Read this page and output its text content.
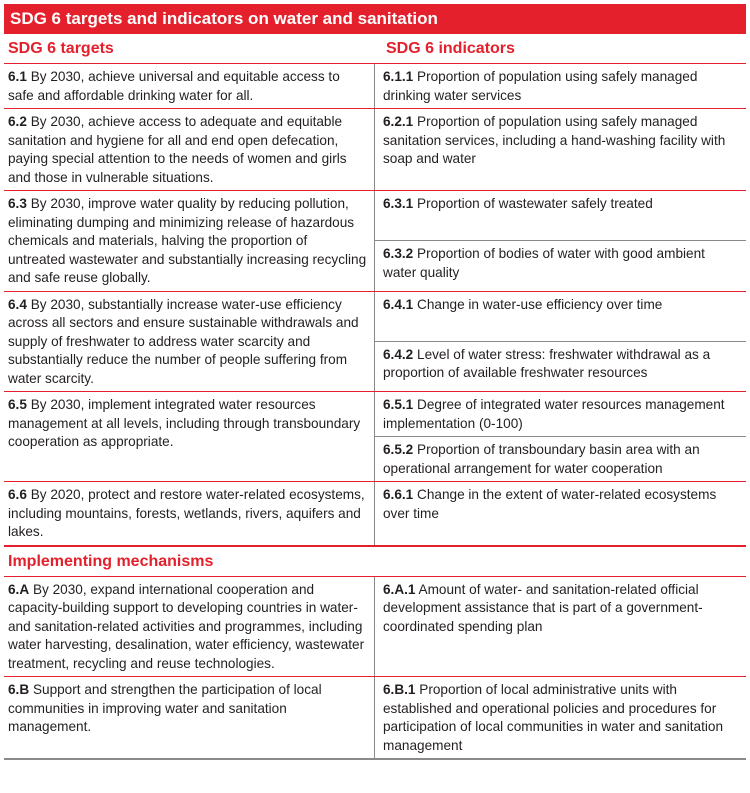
SDG 6 targets and indicators on water and sanitation
SDG 6 targets	SDG 6 indicators
6.1 By 2030, achieve universal and equitable access to safe and affordable drinking water for all.
6.1.1 Proportion of population using safely managed drinking water services
6.2 By 2030, achieve access to adequate and equitable sanitation and hygiene for all and end open defecation, paying special attention to the needs of women and girls and those in vulnerable situations.
6.2.1 Proportion of population using safely managed sanitation services, including a hand-washing facility with soap and water
6.3 By 2030, improve water quality by reducing pollution, eliminating dumping and minimizing release of hazardous chemicals and materials, halving the proportion of untreated wastewater and substantially increasing recycling and safe reuse globally.
6.3.1 Proportion of wastewater safely treated
6.3.2 Proportion of bodies of water with good ambient water quality
6.4 By 2030, substantially increase water-use efficiency across all sectors and ensure sustainable withdrawals and supply of freshwater to address water scarcity and substantially reduce the number of people suffering from water scarcity.
6.4.1 Change in water-use efficiency over time
6.4.2 Level of water stress: freshwater withdrawal as a proportion of available freshwater resources
6.5 By 2030, implement integrated water resources management at all levels, including through transboundary cooperation as appropriate.
6.5.1 Degree of integrated water resources management implementation (0-100)
6.5.2 Proportion of transboundary basin area with an operational arrangement for water cooperation
6.6 By 2020, protect and restore water-related ecosystems, including mountains, forests, wetlands, rivers, aquifers and lakes.
6.6.1 Change in the extent of water-related ecosystems over time
Implementing mechanisms
6.A By 2030, expand international cooperation and capacity-building support to developing countries in water- and sanitation-related activities and programmes, including water harvesting, desalination, water efficiency, wastewater treatment, recycling and reuse technologies.
6.A.1 Amount of water- and sanitation-related official development assistance that is part of a government-coordinated spending plan
6.B Support and strengthen the participation of local communities in improving water and sanitation management.
6.B.1 Proportion of local administrative units with established and operational policies and procedures for participation of local communities in water and sanitation management
